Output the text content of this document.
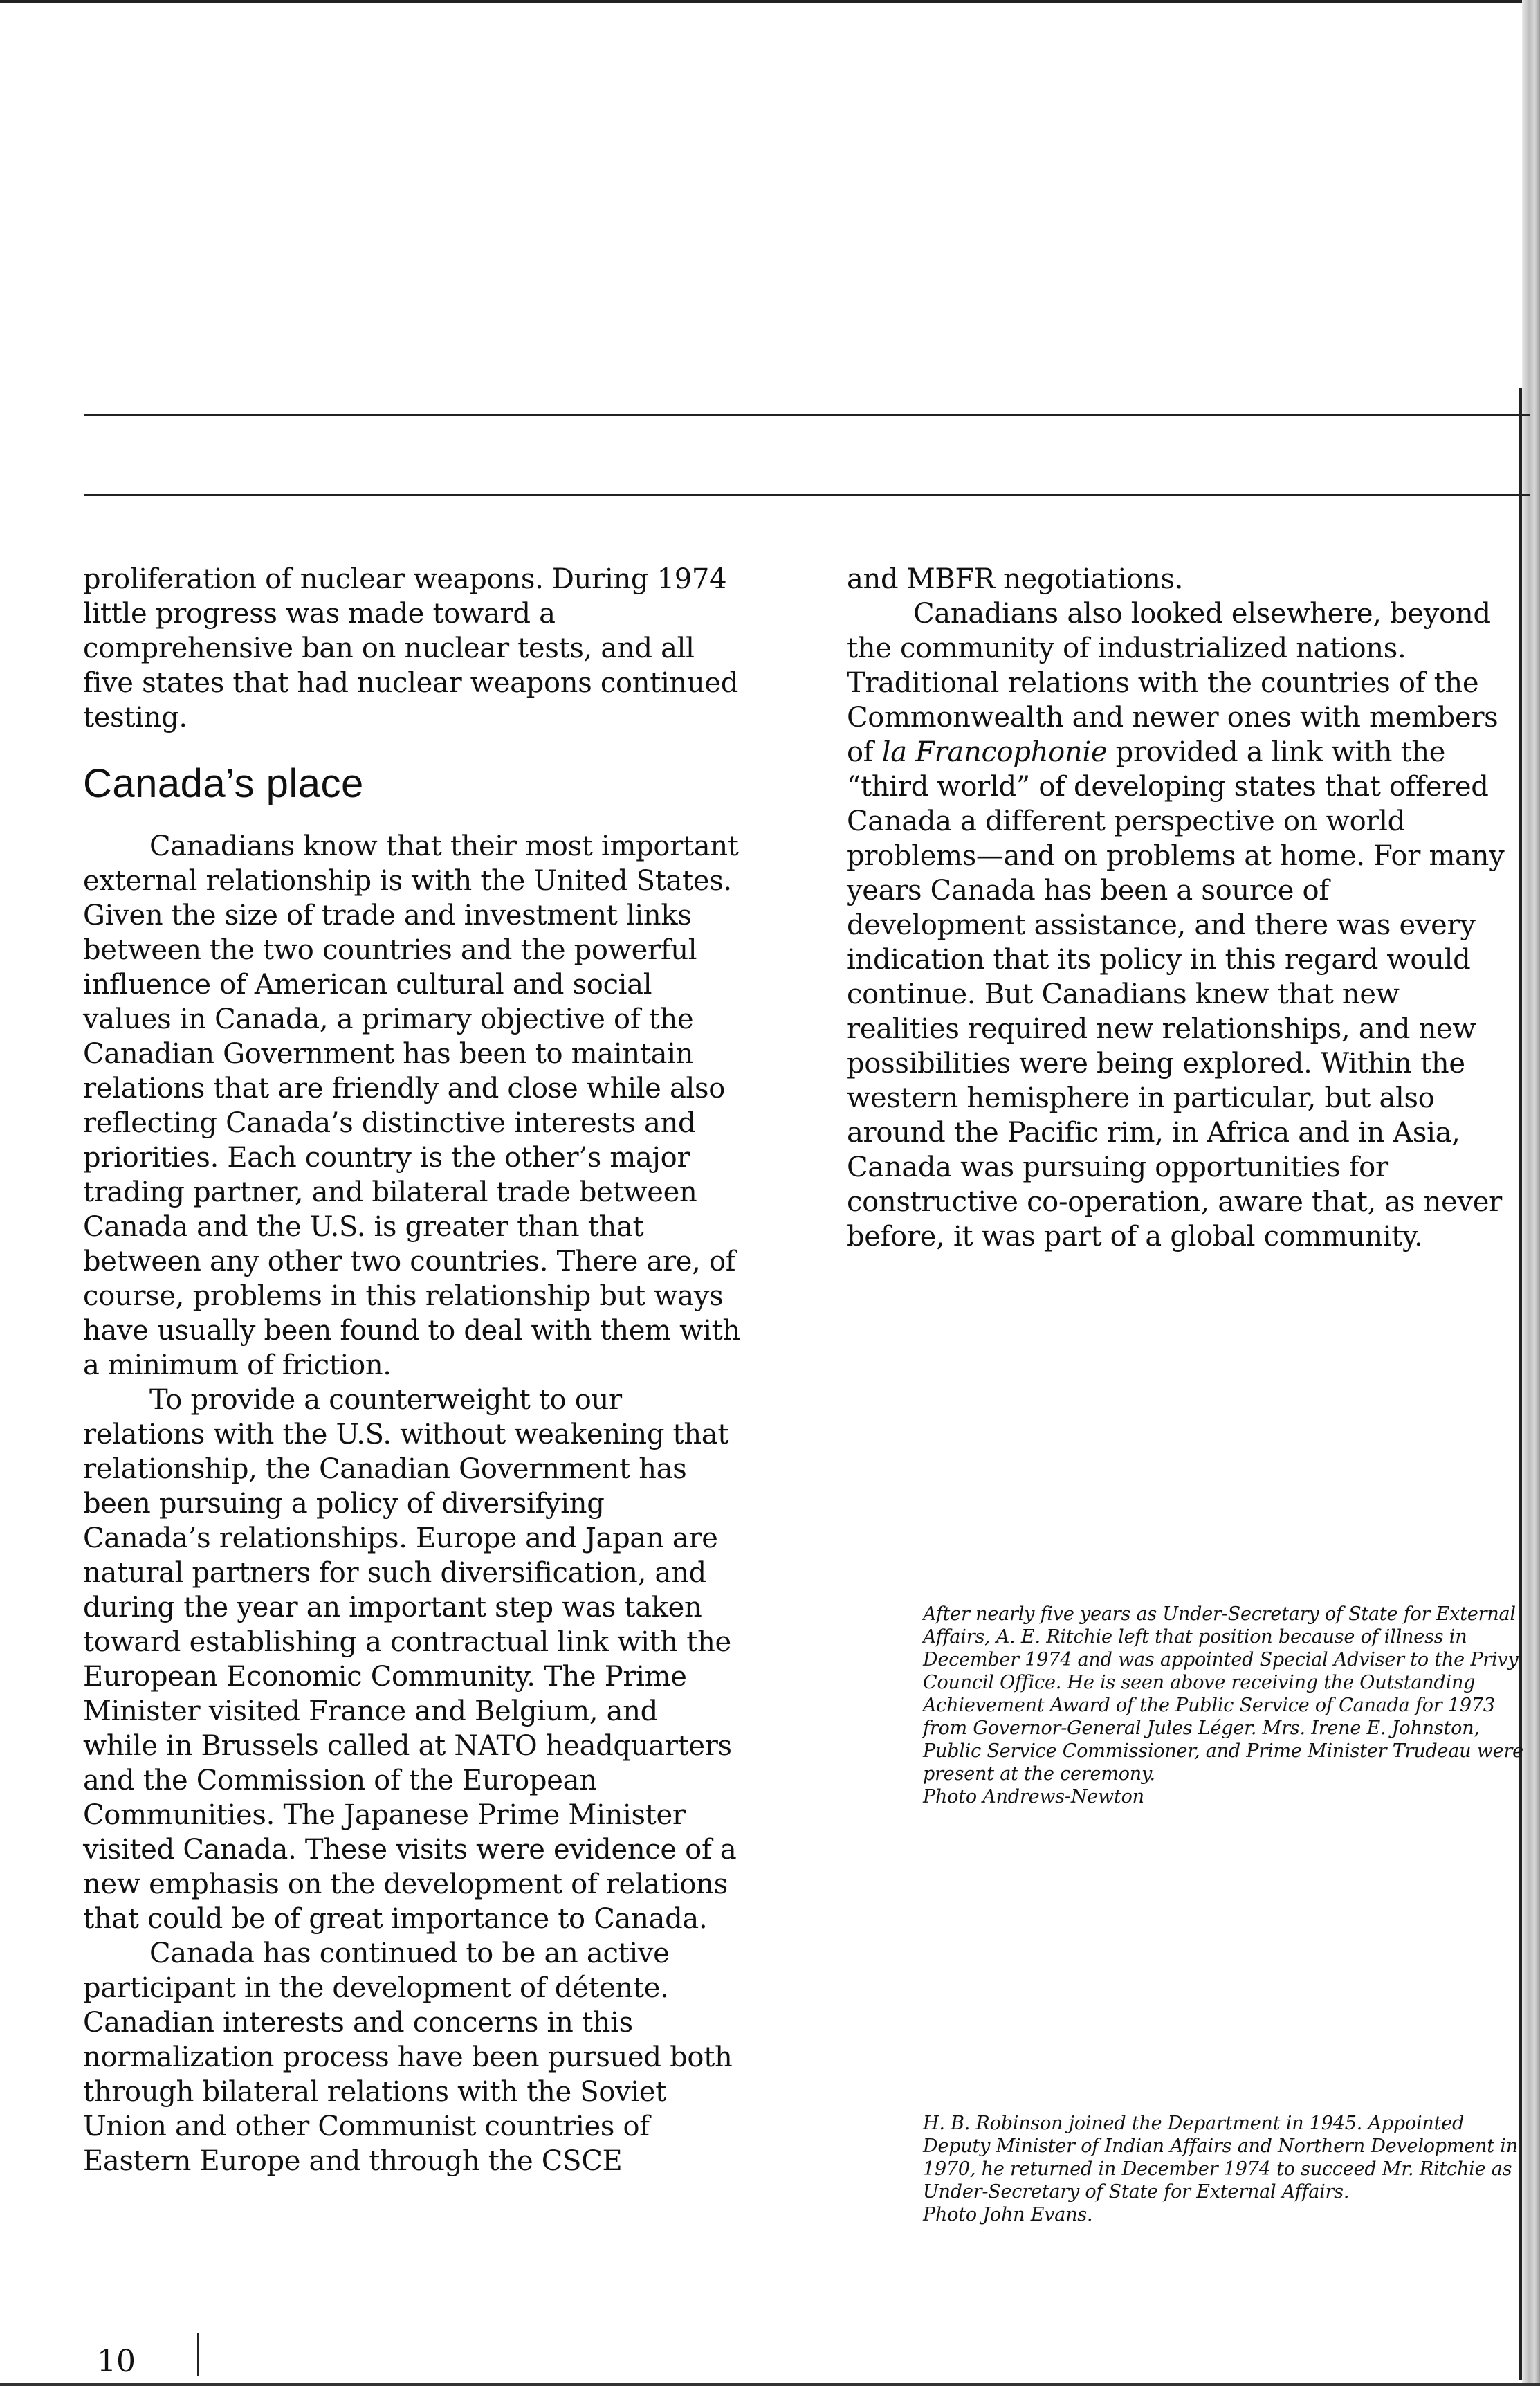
proliferation of nuclear weapons. During 1974 little progress was made toward a comprehensive ban on nuclear tests, and all five states that had nuclear weapons continued testing.

Canada’s place

Canadians know that their most important external relationship is with the United States. Given the size of trade and investment links between the two countries and the powerful influence of American cultural and social values in Canada, a primary objective of the Canadian Government has been to maintain relations that are friendly and close while also reflecting Canada’s distinctive interests and priorities. Each country is the other’s major trading partner, and bilateral trade between Canada and the U.S. is greater than that between any other two countries. There are, of course, problems in this relationship but ways have usually been found to deal with them with a minimum of friction.

To provide a counterweight to our relations with the U.S. without weakening that relationship, the Canadian Government has been pursuing a policy of diversifying Canada’s relationships. Europe and Japan are natural partners for such diversification, and during the year an important step was taken toward establishing a contractual link with the European Economic Community. The Prime Minister visited France and Belgium, and while in Brussels called at NATO headquarters and the Commission of the European Communities. The Japanese Prime Minister visited Canada. These visits were evidence of a new emphasis on the development of relations that could be of great importance to Canada.

Canada has continued to be an active participant in the development of détente. Canadian interests and concerns in this normalization process have been pursued both through bilateral relations with the Soviet Union and other Communist countries of Eastern Europe and through the CSCE

and MBFR negotiations.

Canadians also looked elsewhere, beyond the community of industrialized nations. Traditional relations with the countries of the Commonwealth and newer ones with members of la Francophonie provided a link with the “third world” of developing states that offered Canada a different perspective on world problems—and on problems at home. For many years Canada has been a source of development assistance, and there was every indication that its policy in this regard would continue. But Canadians knew that new realities required new relationships, and new possibilities were being explored. Within the western hemisphere in particular, but also around the Pacific rim, in Africa and in Asia, Canada was pursuing opportunities for constructive co-operation, aware that, as never before, it was part of a global community.

After nearly five years as Under-Secretary of State for External Affairs, A. E. Ritchie left that position because of illness in December 1974 and was appointed Special Adviser to the Privy Council Office. He is seen above receiving the Outstanding Achievement Award of the Public Service of Canada for 1973 from Governor-General Jules Léger. Mrs. Irene E. Johnston, Public Service Commissioner, and Prime Minister Trudeau were present at the ceremony.

Photo Andrews-Newton

H. B. Robinson joined the Department in 1945. Appointed Deputy Minister of Indian Affairs and Northern Development in 1970, he returned in December 1974 to succeed Mr. Ritchie as Under-Secretary of State for External Affairs.

Photo John Evans.

10
